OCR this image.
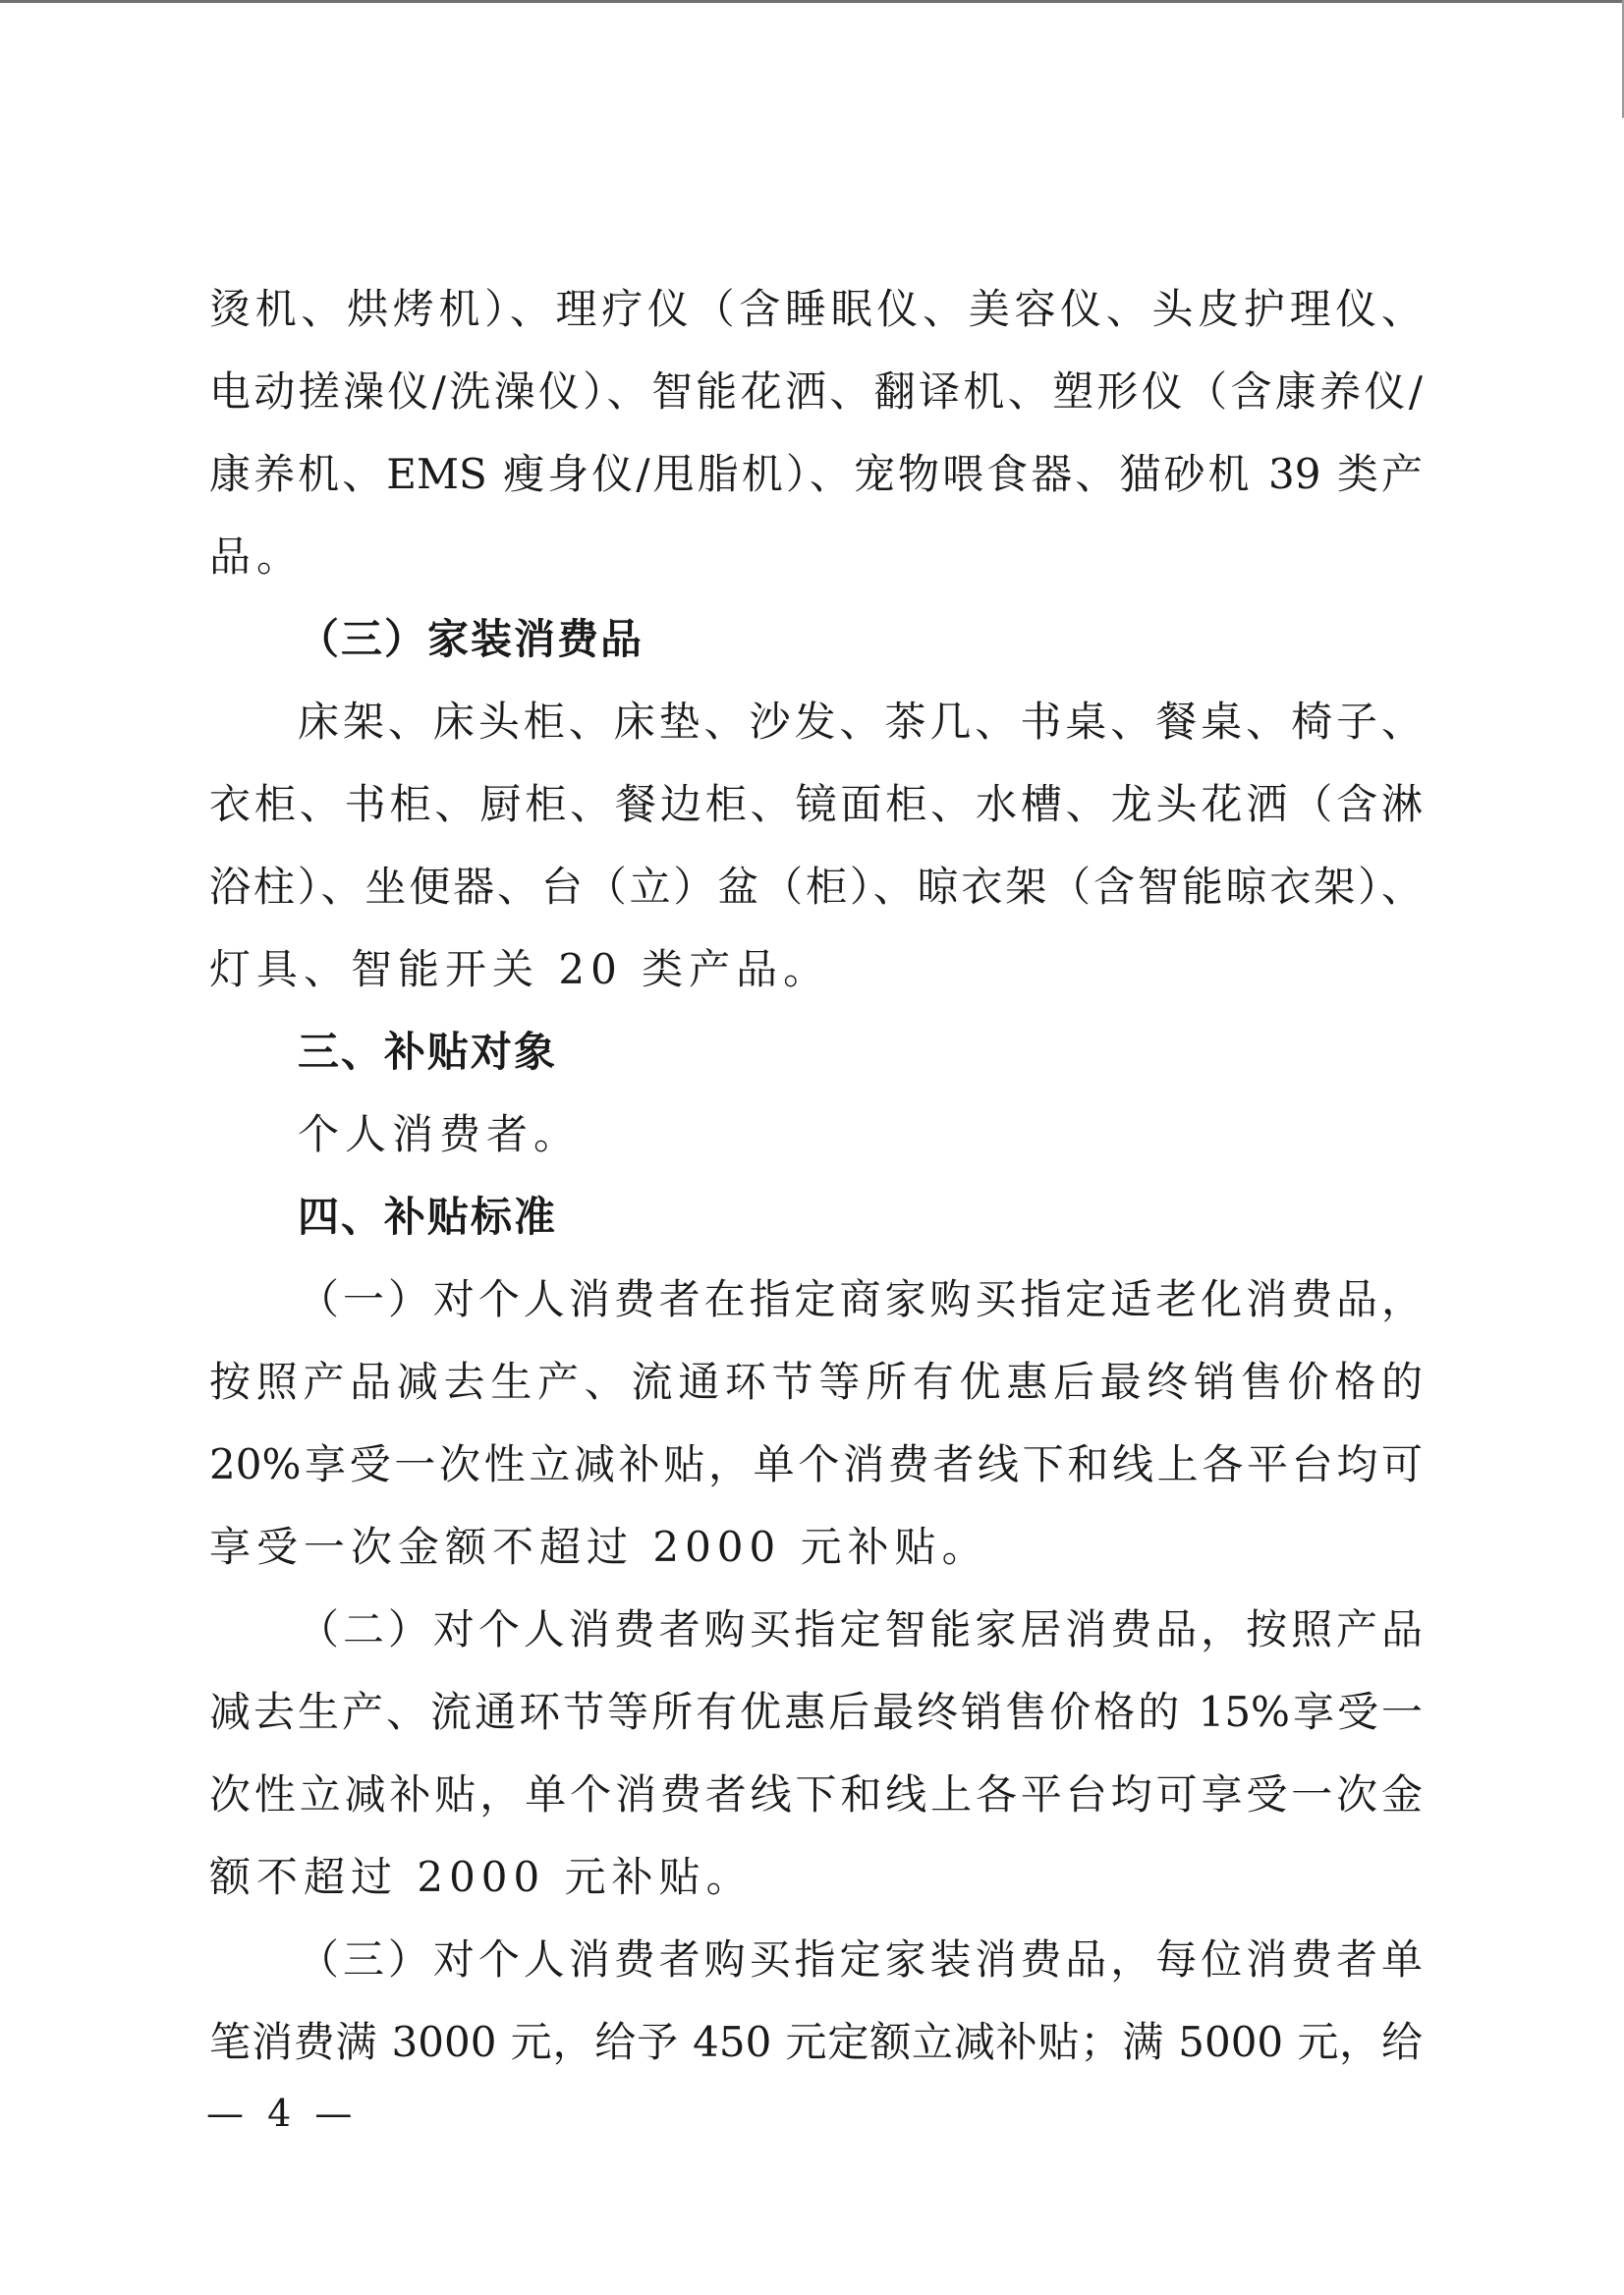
烫机、烘烤机）、理疗仪（含睡眠仪、美容仪、头皮护理仪、
电动搓澡仪/洗澡仪）、智能花洒、翻译机、塑形仪（含康养仪/
康养机、EMS 瘦身仪/甩脂机）、宠物喂食器、猫砂机 39 类产
品。
（三）家装消费品
床架、床头柜、床垫、沙发、茶几、书桌、餐桌、椅子、
衣柜、书柜、厨柜、餐边柜、镜面柜、水槽、龙头花洒（含淋
浴柱）、坐便器、台（立）盆（柜）、晾衣架（含智能晾衣架）、
灯具、智能开关 20 类产品。
三、补贴对象
个人消费者。
四、补贴标准
（一）对个人消费者在指定商家购买指定适老化消费品，
按照产品减去生产、流通环节等所有优惠后最终销售价格的
20%享受一次性立减补贴，单个消费者线下和线上各平台均可
享受一次金额不超过 2000 元补贴。
（二）对个人消费者购买指定智能家居消费品，按照产品
减去生产、流通环节等所有优惠后最终销售价格的 15%享受一
次性立减补贴，单个消费者线下和线上各平台均可享受一次金
额不超过 2000 元补贴。
（三）对个人消费者购买指定家装消费品，每位消费者单
笔消费满 3000 元，给予 450 元定额立减补贴；满 5000 元，给
— 4 —
